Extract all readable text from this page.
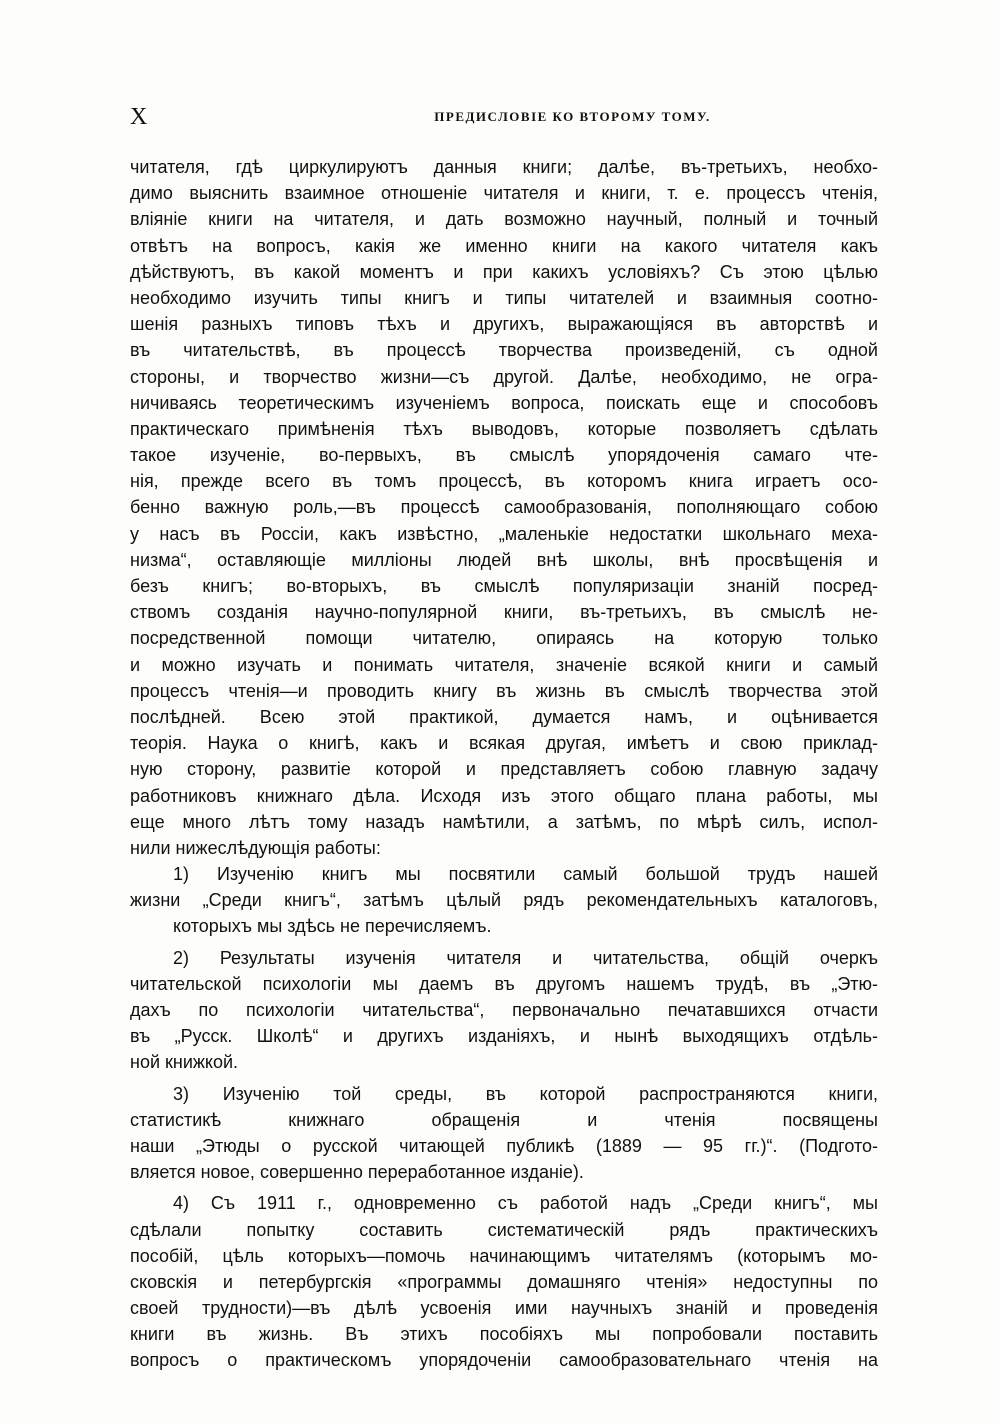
X	ПРЕДИСЛОВІЕ КО ВТОРОМУ ТОМУ.
читателя, гдѣ циркулируютъ данныя книги; далѣе, въ-третьихъ, необхо-
димо выяснить взаимное отношеніе читателя и книги, т. е. процессъ чтенія,
вліяніе книги на читателя, и дать возможно научный, полный и точный
отвѣтъ на вопросъ, какія же именно книги на какого читателя какъ
дѣйствуютъ, въ какой моментъ и при какихъ условіяхъ? Съ этою цѣлью
необходимо изучить типы книгъ и типы читателей и взаимныя соотно-
шенія разныхъ типовъ тѣхъ и другихъ, выражающіяся въ авторствѣ и
въ читательствѣ, въ процессѣ творчества произведеній, съ одной
стороны, и творчество жизни—съ другой. Далѣе, необходимо, не огра-
ничиваясь теоретическимъ изученіемъ вопроса, поискать еще и способовъ
практическаго примѣненія тѣхъ выводовъ, которые позволяетъ сдѣлать
такое изученіе, во-первыхъ, въ смыслѣ упорядоченія самаго чте-
нія, прежде всего въ томъ процессѣ, въ которомъ книга играетъ осо-
бенно важную роль,—въ процессѣ самообразованія, пополняющаго собою
у насъ въ Россіи, какъ извѣстно, „маленькіе недостатки школьнаго меха-
низма“, оставляющіе милліоны людей внѣ школы, внѣ просвѣщенія и
безъ книгъ; во-вторыхъ, въ смыслѣ популяризаціи знаній посред-
ствомъ созданія научно-популярной книги, въ-третьихъ, въ смыслѣ не-
посредственной помощи читателю, опираясь на которую только
и можно изучать и понимать читателя, значеніе всякой книги и самый
процессъ чтенія—и проводить книгу въ жизнь въ смыслѣ творчества этой
послѣдней. Всею этой практикой, думается намъ, и оцѣнивается
теорія. Наука о книгѣ, какъ и всякая другая, имѣетъ и свою приклад-
ную сторону, развитіе которой и представляетъ собою главную задачу
работниковъ книжнаго дѣла. Исходя изъ этого общаго плана работы, мы
еще много лѣтъ тому назадъ намѣтили, а затѣмъ, по мѣрѣ силъ, испол-
нили нижеслѣдующія работы:
1) Изученію книгъ мы посвятили самый большой трудъ нашей
жизни „Среди книгъ“, затѣмъ цѣлый рядъ рекомендательныхъ каталоговъ,
которыхъ мы здѣсь не перечисляемъ.
2) Результаты изученія читателя и читательства, общій очеркъ
читательской психологіи мы даемъ въ другомъ нашемъ трудѣ, въ „Этю-
дахъ по психологіи читательства“, первоначально печатавшихся отчасти
въ „Русск. Школѣ“ и другихъ изданіяхъ, и нынѣ выходящихъ отдѣль-
ной книжкой.
3) Изученію той среды, въ которой распространяются книги,
статистикѣ книжнаго обращенія и чтенія посвящены
наши „Этюды о русской читающей публикѣ (1889 — 95 гг.)“. (Подгото-
вляется новое, совершенно переработанное изданіе).
4) Съ 1911 г., одновременно съ работой надъ „Среди книгъ“, мы
сдѣлали попытку составить систематическій рядъ практическихъ
пособій, цѣль которыхъ—помочь начинающимъ читателямъ (которымъ мо-
сковскія и петербургскія «программы домашняго чтенія» недоступны по
своей трудности)—въ дѣлѣ усвоенія ими научныхъ знаній и проведенія
книги въ жизнь. Въ этихъ пособіяхъ мы попробовали поставить
вопросъ о практическомъ упорядоченіи самообразовательнаго чтенія на
